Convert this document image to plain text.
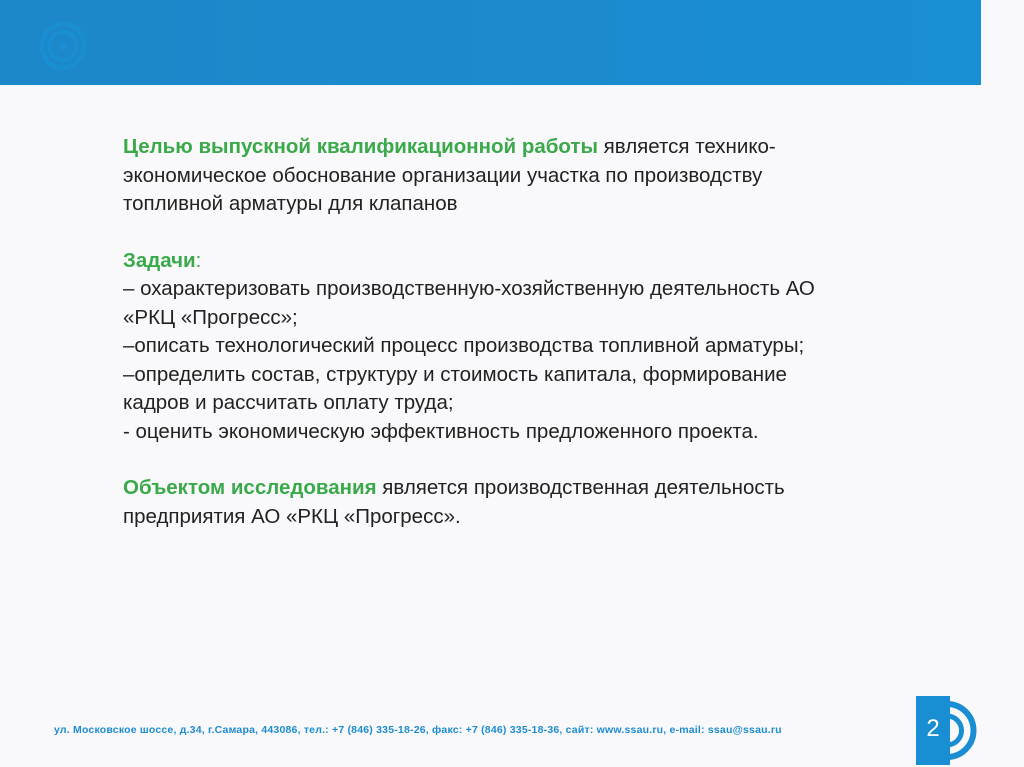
Целью выпускной квалификационной работы является технико-

экономическое обоснование организации участка по производству

топливной арматуры для клапанов

Задачи:

– охарактеризовать производственную-хозяйственную деятельность АО

«РКЦ «Прогресс»;

–описать технологический процесс производства топливной арматуры;

–определить состав, структуру и стоимость капитала, формирование

кадров и рассчитать оплату труда;

- оценить экономическую эффективность предложенного проекта.

Объектом исследования является производственная деятельность

предприятия АО «РКЦ «Прогресс».

ул. Московское шоссе, д.34, г.Самара, 443086, тел.: +7 (846) 335-18-26, факс: +7 (846) 335-18-36, сайт: www.ssau.ru, e-mail: ssau@ssau.ru	2
